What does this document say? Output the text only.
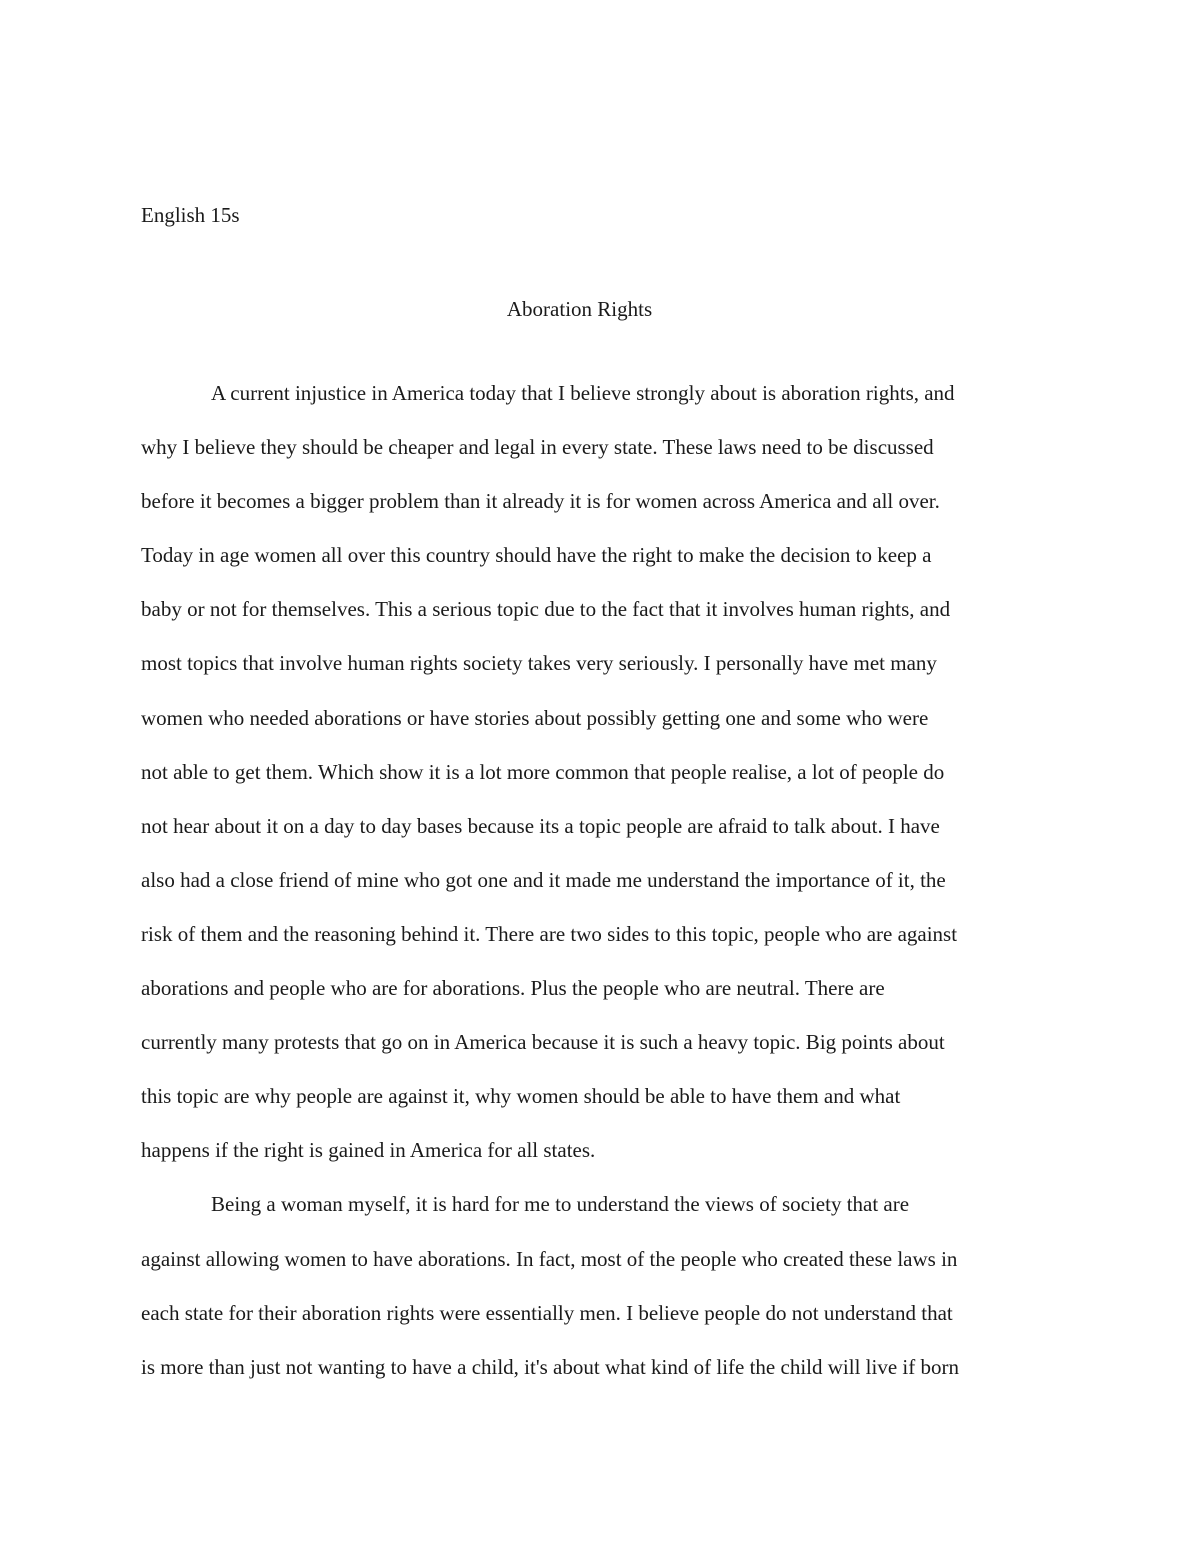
English 15s

Aboration Rights
A current injustice in America today that I believe strongly about is aboration rights, and
why I believe they should be cheaper and legal in every state. These laws need to be discussed
before it becomes a bigger problem than it already it is for women across America and all over.
Today in age women all over this country should have the right to make the decision to keep a
baby or not for themselves. This a serious topic due to the fact that it involves human rights, and
most topics that involve human rights society takes very seriously. I personally have met many
women who needed aborations or have stories about possibly getting one and some who were
not able to get them. Which show it is a lot more common that people realise, a lot of people do
not hear about it on a day to day bases because its a topic people are afraid to talk about. I have
also had a close friend of mine who got one and it made me understand the importance of it, the
risk of them and the reasoning behind it. There are two sides to this topic, people who are against
aborations and people who are for aborations. Plus the people who are neutral. There are
currently many protests that go on in America because it is such a heavy topic. Big points about
this topic are why people are against it, why women should be able to have them and what
happens if the right is gained in America for all states.
Being a woman myself, it is hard for me to understand the views of society that are
against allowing women to have aborations. In fact, most of the people who created these laws in
each state for their aboration rights were essentially men. I believe people do not understand that
is more than just not wanting to have a child, it's about what kind of life the child will live if born
